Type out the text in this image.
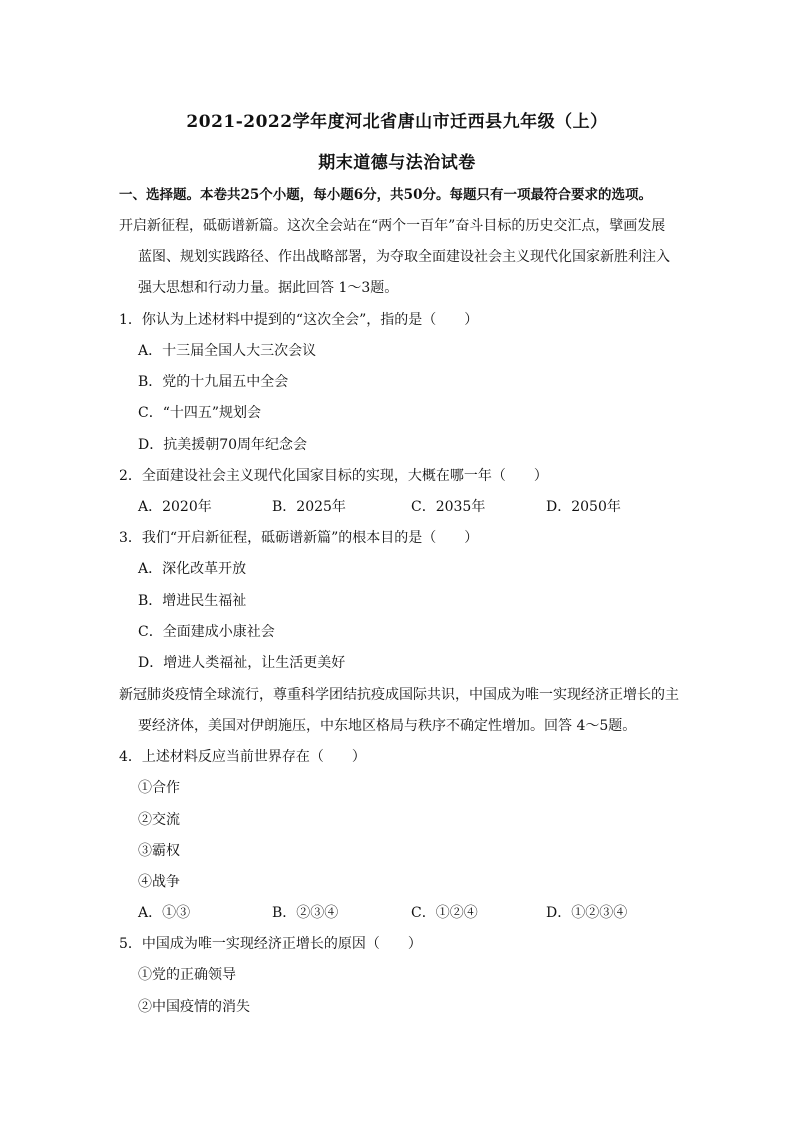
2021-2022学年度河北省唐山市迁西县九年级（上）
期末道德与法治试卷
一、选择题。本卷共25个小题，每小题6分，共50分。每题只有一项最符合要求的选项。
开启新征程，砥砺谱新篇。这次全会站在“两个一百年”奋斗目标的历史交汇点，擘画发展
蓝图、规划实践路径、作出战略部署，为夺取全面建设社会主义现代化国家新胜利注入
强大思想和行动力量。据此回答 1～3题。
1．你认为上述材料中提到的“这次全会”，指的是（　　）
A．十三届全国人大三次会议
B．党的十九届五中全会
C．“十四五”规划会
D．抗美援朝70周年纪念会
2．全面建设社会主义现代化国家目标的实现，大概在哪一年（　　）
A．2020年	B．2025年	C．2035年	D．2050年
3．我们“开启新征程，砥砺谱新篇”的根本目的是（　　）
A．深化改革开放
B．增进民生福祉
C．全面建成小康社会
D．增进人类福祉，让生活更美好
新冠肺炎疫情全球流行，尊重科学团结抗疫成国际共识，中国成为唯一实现经济正增长的主
要经济体，美国对伊朗施压，中东地区格局与秩序不确定性增加。回答 4～5题。
4．上述材料反应当前世界存在（　　）
①合作
②交流
③霸权
④战争
A．①③	B．②③④	C．①②④	D．①②③④
5．中国成为唯一实现经济正增长的原因（　　）
①党的正确领导
②中国疫情的消失
